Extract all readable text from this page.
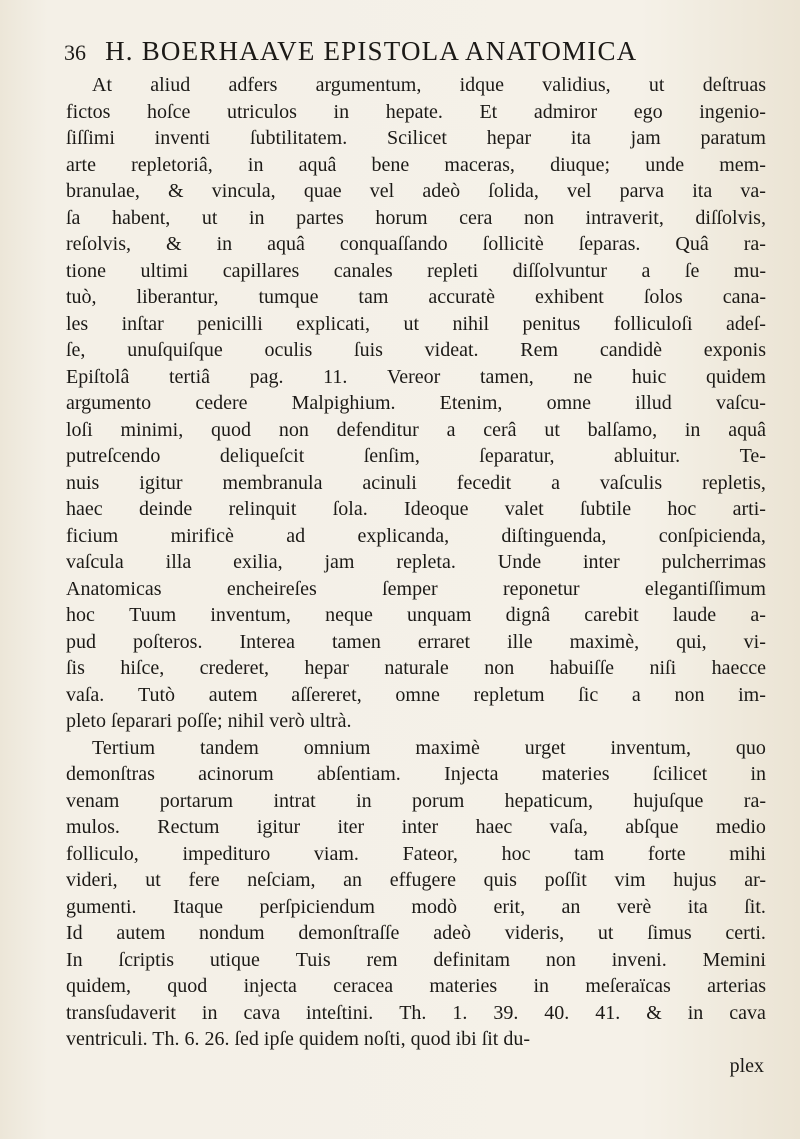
36 H. BOERHAAVE EPISTOLA ANATOMICA
At aliud adfers argumentum, idque validius, ut deſtruas
fictos hoſce utriculos in hepate. Et admiror ego ingenio-
ſiſſimi inventi ſubtilitatem. Scilicet hepar ita jam paratum
arte repletoriâ, in aquâ bene maceras, diuque; unde mem-
branulae, & vincula, quae vel adeò ſolida, vel parva ita va-
ſa habent, ut in partes horum cera non intraverit, diſſolvis,
reſolvis, & in aquâ conquaſſando ſollicitè ſeparas. Quâ ra-
tione ultimi capillares canales repleti diſſolvuntur a ſe mu-
tuò, liberantur, tumque tam accuratè exhibent ſolos cana-
les inſtar penicilli explicati, ut nihil penitus folliculoſi adeſ-
ſe, unuſquiſque oculis ſuis videat. Rem candidè exponis
Epiſtolâ tertiâ pag. 11. Vereor tamen, ne huic quidem
argumento cedere Malpighium. Etenim, omne illud vaſcu-
loſi minimi, quod non defenditur a cerâ ut balſamo, in aquâ
putreſcendo	deliqueſcit	ſenſim,	ſeparatur,	abluitur.	Te-
nuis igitur membranula acinuli fecedit a vaſculis repletis,
haec deinde relinquit ſola. Ideoque valet ſubtile hoc arti-
ficium	mirificè	ad	explicanda,	diſtinguenda,	conſpicienda,
vaſcula illa exilia, jam repleta. Unde inter pulcherrimas
Anatomicas	encheireſes	ſemper	reponetur	elegantiſſimum
hoc Tuum inventum, neque unquam dignâ carebit laude a-
pud poſteros. Interea tamen erraret ille maximè, qui, vi-
ſis hiſce, crederet, hepar naturale non habuiſſe niſi haecce
vaſa. Tutò autem aſſereret, omne repletum ſic a non im-
pleto ſeparari poſſe; nihil verò ultrà.
Tertium tandem omnium maximè urget inventum, quo
demonſtras acinorum abſentiam. Injecta materies ſcilicet in
venam portarum intrat in porum hepaticum, hujuſque ra-
mulos. Rectum igitur iter inter haec vaſa, abſque medio
folliculo, impedituro viam. Fateor, hoc tam forte mihi
videri, ut fere neſciam, an effugere quis poſſit vim hujus ar-
gumenti. Itaque perſpiciendum modò erit, an verè ita ſit.
Id autem nondum demonſtraſſe adeò videris, ut ſimus certi.
In ſcriptis utique Tuis rem definitam non inveni. Memini
quidem, quod injecta ceracea materies in meſeraïcas arterias
transſudaverit in cava inteſtini. Th. 1. 39. 40. 41. & in cava
ventriculi. Th. 6. 26. ſed ipſe quidem noſti, quod ibi ſit du-
plex
